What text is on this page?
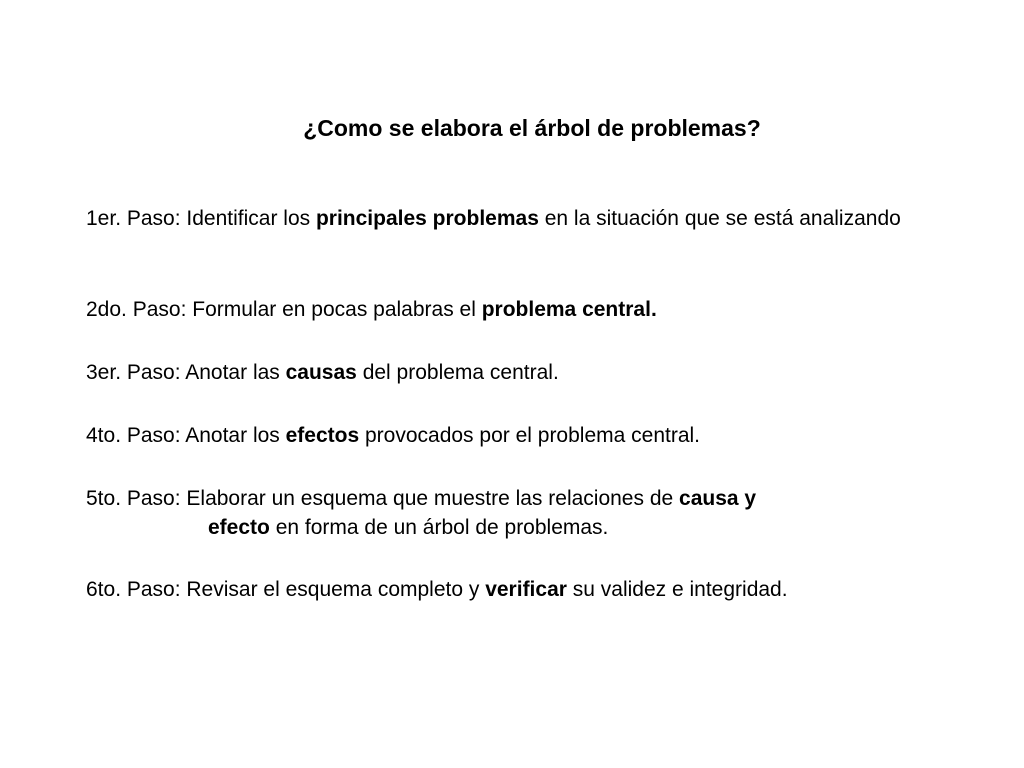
¿Como se elabora el árbol de problemas?

1er. Paso: Identificar los principales problemas en la situación que se está analizando

2do. Paso: Formular en pocas palabras el problema central.

3er. Paso: Anotar las causas del problema central.

4to. Paso: Anotar los efectos provocados por el problema central.

5to. Paso: Elaborar un esquema que muestre las relaciones de causa y
efecto en forma de un árbol de problemas.

6to. Paso: Revisar el esquema completo y verificar su validez e integridad.
